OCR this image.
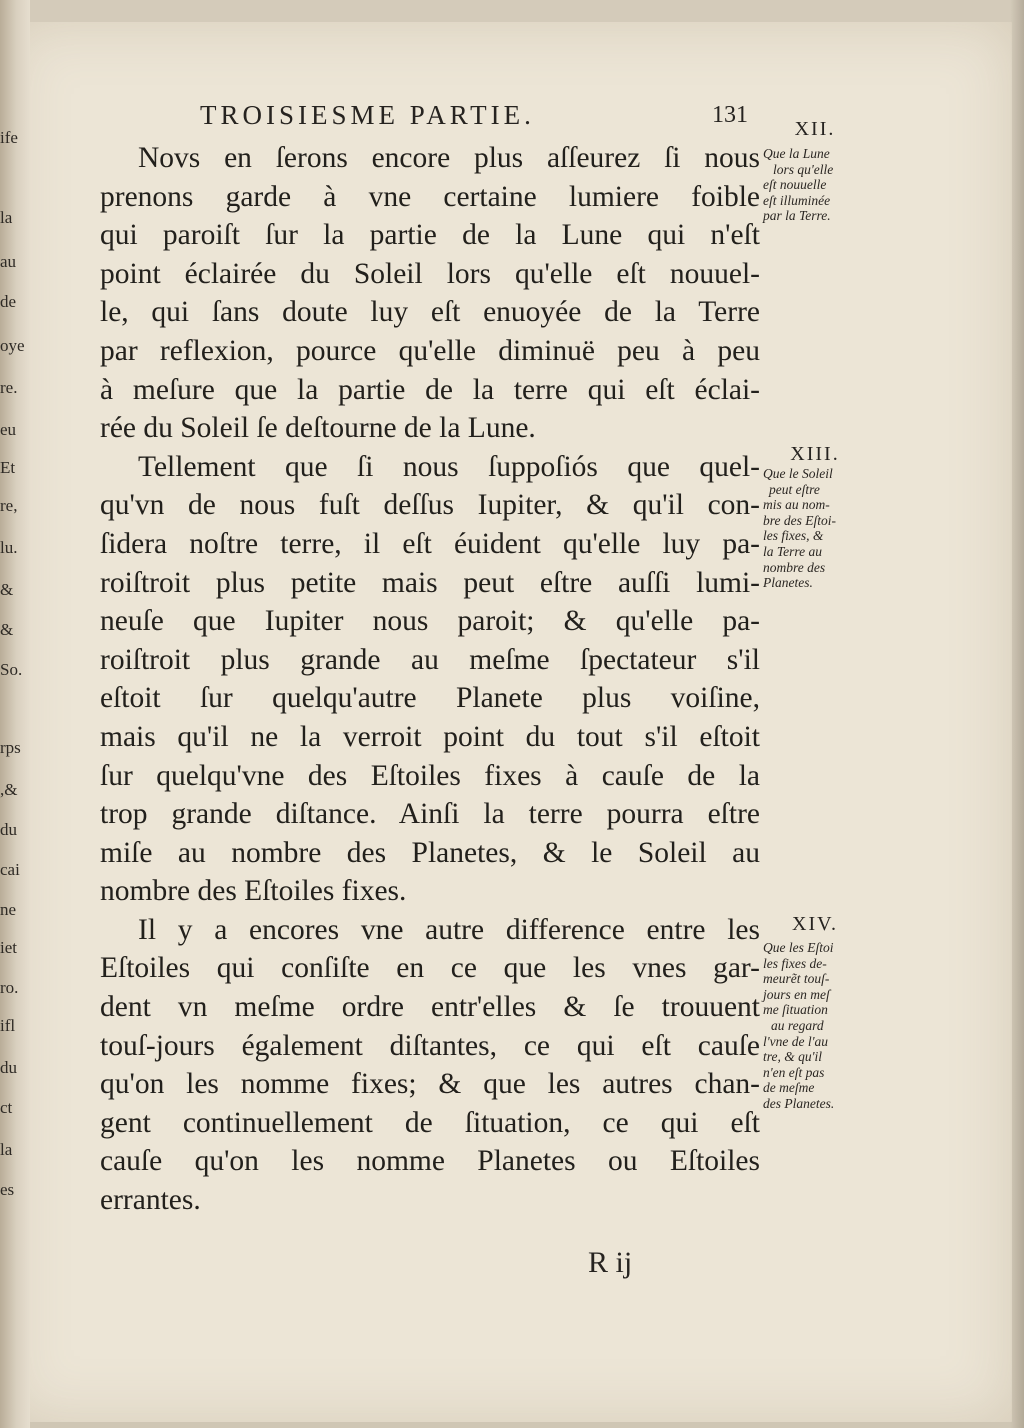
ife
la
au
de
oye
re.
eu
Et
re,
lu.
&
&
So.
rps
,&
du
cai
ne
iet
ro.
ifl
du
ct
la
es
TROISIESME PARTIE.	131
Novs en ſerons encore plus aſſeurez ſi nous
prenons garde à vne certaine lumiere foible
qui paroiſt ſur la partie de la Lune qui n'eſt
point éclairée du Soleil lors qu'elle eſt nouuel-
le, qui ſans doute luy eſt enuoyée de la Terre
par reflexion, pource qu'elle diminuë peu à peu
à meſure que la partie de la terre qui eſt éclai-
rée du Soleil ſe deſtourne de la Lune.
Tellement que ſi nous ſuppoſiós que quel-
qu'vn de nous fuſt deſſus Iupiter, & qu'il con-
ſidera noſtre terre, il eſt éuident qu'elle luy pa-
roiſtroit plus petite mais peut eſtre auſſi lumi-
neuſe que Iupiter nous paroit; & qu'elle pa-
roiſtroit plus grande au meſme ſpectateur s'il
eſtoit ſur quelqu'autre Planete plus voiſine,
mais qu'il ne la verroit point du tout s'il eſtoit
ſur quelqu'vne des Eſtoiles fixes à cauſe de la
trop grande diſtance. Ainſi la terre pourra eſtre
miſe au nombre des Planetes, & le Soleil au
nombre des Eſtoiles fixes.
Il y a encores vne autre difference entre les
Eſtoiles qui conſiſte en ce que les vnes gar-
dent vn meſme ordre entr'elles & ſe trouuent
touſ-jours également diſtantes, ce qui eſt cauſe
qu'on les nomme fixes; & que les autres chan-
gent continuellement de ſituation, ce qui eſt
cauſe qu'on les nomme Planetes ou Eſtoiles
errantes.
XII.
Que la Lune
lors qu'elle
eſt nouuelle
eſt illuminée
par la Terre.
XIII.
Que le Soleil
peut eſtre
mis au nom-
bre des Eſtoi-
les fixes, &
la Terre au
nombre des
Planetes.
XIV.
Que les Eſtoi
les fixes de-
meurẽt touſ-
jours en meſ
me ſituation
au regard
l'vne de l'au
tre, & qu'il
n'en eſt pas
de meſme
des Planetes.
R ij
